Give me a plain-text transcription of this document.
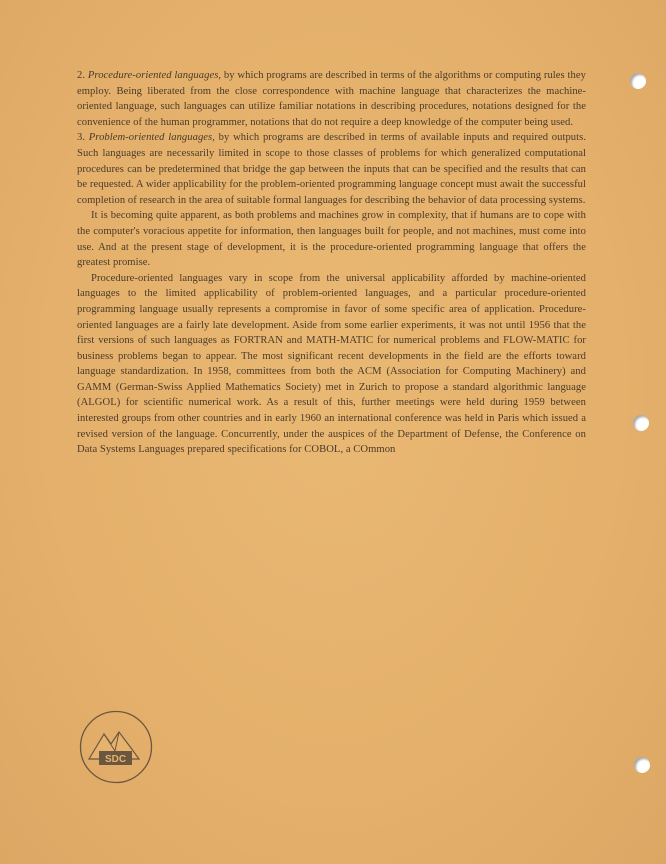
2. Procedure-oriented languages, by which programs are described in terms of the algorithms or computing rules they employ. Being liberated from the close correspondence with machine language that characterizes the machine-oriented language, such languages can utilize familiar notations in describing procedures, notations designed for the convenience of the human programmer, notations that do not require a deep knowledge of the computer being used.

3. Problem-oriented languages, by which programs are described in terms of available inputs and required outputs. Such languages are necessarily limited in scope to those classes of problems for which generalized computational procedures can be predetermined that bridge the gap between the inputs that can be specified and the results that can be requested. A wider applicability for the problem-oriented programming language concept must await the successful completion of research in the area of suitable formal languages for describing the behavior of data processing systems.

It is becoming quite apparent, as both problems and machines grow in complexity, that if humans are to cope with the computer's voracious appetite for information, then languages built for people, and not machines, must come into use. And at the present stage of development, it is the procedure-oriented programming language that offers the greatest promise.

Procedure-oriented languages vary in scope from the universal applicability afforded by machine-oriented languages to the limited applicability of problem-oriented languages, and a particular procedure-oriented programming language usually represents a compromise in favor of some specific area of application. Procedure-oriented languages are a fairly late development. Aside from some earlier experiments, it was not until 1956 that the first versions of such languages as FORTRAN and MATH-MATIC for numerical problems and FLOW-MATIC for business problems began to appear. The most significant recent developments in the field are the efforts toward language standardization. In 1958, committees from both the ACM (Association for Computing Machinery) and GAMM (German-Swiss Applied Mathematics Society) met in Zurich to propose a standard algorithmic language (ALGOL) for scientific numerical work. As a result of this, further meetings were held during 1959 between interested groups from other countries and in early 1960 an international conference was held in Paris which issued a revised version of the language. Concurrently, under the auspices of the Department of Defense, the Conference on Data Systems Languages prepared specifications for COBOL, a COmmon

SDC
